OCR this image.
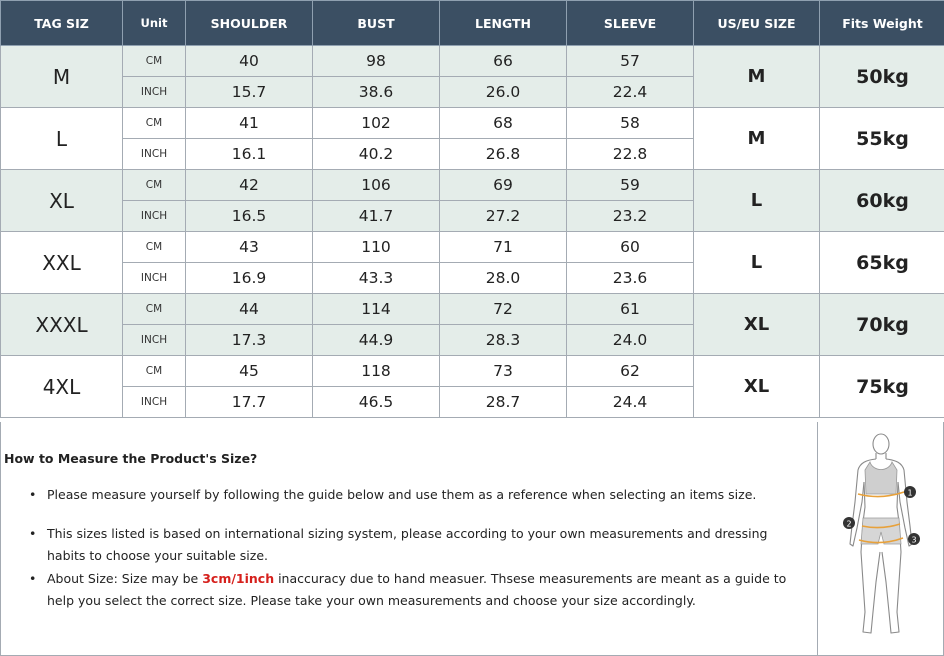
TAG SIZ	Unit	SHOULDER	BUST	LENGTH	SLEEVE	US/EU SIZE	Fits Weight
M	CM	40	98	66	57	M	50kg
	INCH	15.7	38.6	26.0	22.4		
L	CM	41	102	68	58	M	55kg
	INCH	16.1	40.2	26.8	22.8		
XL	CM	42	106	69	59	L	60kg
	INCH	16.5	41.7	27.2	23.2		
XXL	CM	43	110	71	60	L	65kg
	INCH	16.9	43.3	28.0	23.6		
XXXL	CM	44	114	72	61	XL	70kg
	INCH	17.3	44.9	28.3	24.0		
4XL	CM	45	118	73	62	XL	75kg
	INCH	17.7	46.5	28.7	24.4		
How to Measure the Product's Size?
• Please measure yourself by following the guide below and use them as a reference when selecting an items size.
• This sizes listed is based on international sizing system, please according to your own measurements and dressing habits to choose your suitable size.
• About Size: Size may be 3cm/1inch inaccuracy due to hand measuer. Thsese measurements are meant as a guide to help you select the correct size. Please take your own measurements and choose your size accordingly.
1
2
3
